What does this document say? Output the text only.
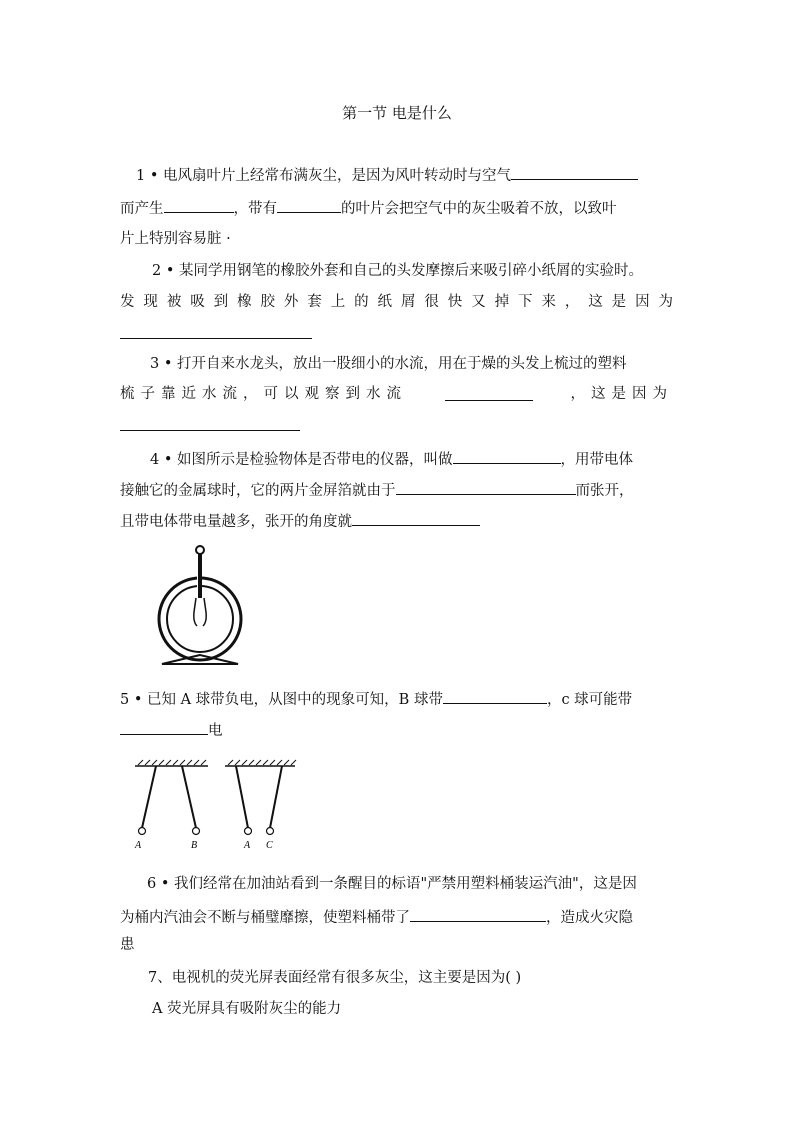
第一节 电是什么
1 • 电风扇叶片上经常布满灰尘，是因为风叶转动时与空气
而产生	，带有	的叶片会把空气中的灰尘吸着不放，以致叶
片上特别容易脏 ·
2 • 某同学用钢笔的橡胶外套和自己的头发摩擦后来吸引碎小纸屑的实验时。
发现被吸到橡胶外套上的纸屑很快又掉下来，这是因为
3 • 打开自来水龙头，放出一股细小的水流，用在于燥的头发上梳过的塑料
梳子靠近水流，可以观察到水流	，这是因为
4 • 如图所示是检验物体是否带电的仪器，叫做	，用带电体
接触它的金属球时，它的两片金屏箔就由于	而张开，
且带电体带电量越多，张开的角度就
5 • 已知 A 球带负电，从图中的现象可知，B 球带	，c 球可能带
电
A	B	A C
6 • 我们经常在加油站看到一条醒目的标语"严禁用塑料桶装运汽油"，这是因
为桶内汽油会不断与桶璧靡擦，使塑料桶带了	，造成火灾隐
患
7、电视机的荧光屏表面经常有很多灰尘，这主要是因为( )
A 荧光屏具有吸附灰尘的能力
